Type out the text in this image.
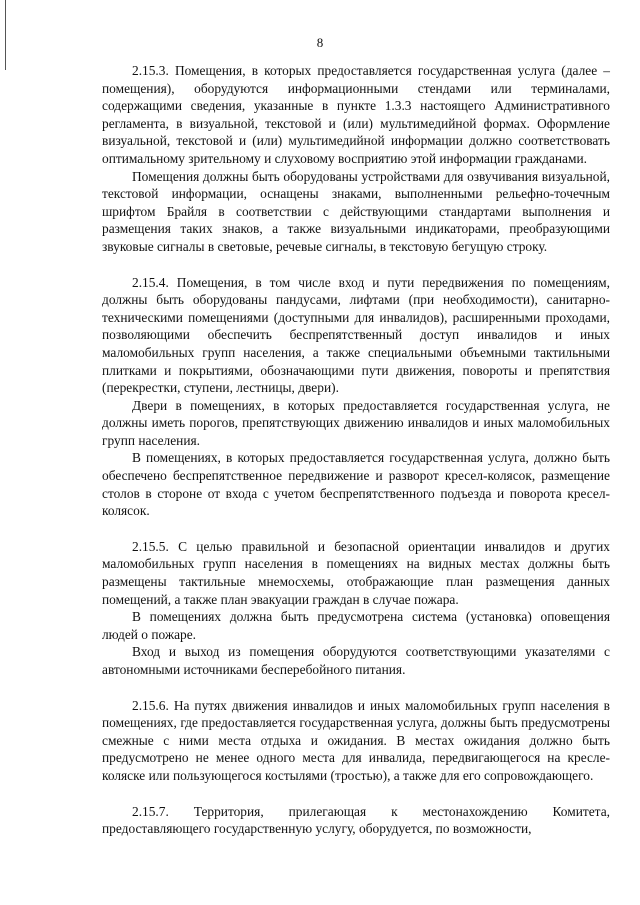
8

2.15.3. Помещения, в которых предоставляется государственная услуга (далее – помещения), оборудуются информационными стендами или терминалами, содержащими сведения, указанные в пункте 1.3.3 настоящего Административного регламента, в визуальной, текстовой и (или) мультимедийной формах. Оформление визуальной, текстовой и (или) мультимедийной информации должно соответствовать оптимальному зрительному и слуховому восприятию этой информации гражданами.

Помещения должны быть оборудованы устройствами для озвучивания визуальной, текстовой информации, оснащены знаками, выполненными рельефно-точечным шрифтом Брайля в соответствии с действующими стандартами выполнения и размещения таких знаков, а также визуальными индикаторами, преобразующими звуковые сигналы в световые, речевые сигналы, в текстовую бегущую строку.

2.15.4. Помещения, в том числе вход и пути передвижения по помещениям, должны быть оборудованы пандусами, лифтами (при необходимости), санитарно-техническими помещениями (доступными для инвалидов), расширенными проходами, позволяющими обеспечить беспрепятственный доступ инвалидов и иных маломобильных групп населения, а также специальными объемными тактильными плитками и покрытиями, обозначающими пути движения, повороты и препятствия (перекрестки, ступени, лестницы, двери).

Двери в помещениях, в которых предоставляется государственная услуга, не должны иметь порогов, препятствующих движению инвалидов и иных маломобильных групп населения.

В помещениях, в которых предоставляется государственная услуга, должно быть обеспечено беспрепятственное передвижение и разворот кресел-колясок, размещение столов в стороне от входа с учетом беспрепятственного подъезда и поворота кресел-колясок.

2.15.5. С целью правильной и безопасной ориентации инвалидов и других маломобильных групп населения в помещениях на видных местах должны быть размещены тактильные мнемосхемы, отображающие план размещения данных помещений, а также план эвакуации граждан в случае пожара.

В помещениях должна быть предусмотрена система (установка) оповещения людей о пожаре.

Вход и выход из помещения оборудуются соответствующими указателями с автономными источниками бесперебойного питания.

2.15.6. На путях движения инвалидов и иных маломобильных групп населения в помещениях, где предоставляется государственная услуга, должны быть предусмотрены смежные с ними места отдыха и ожидания. В местах ожидания должно быть предусмотрено не менее одного места для инвалида, передвигающегося на кресле-коляске или пользующегося костылями (тростью), а также для его сопровождающего.

2.15.7. Территория, прилегающая к местонахождению Комитета, предоставляющего государственную услугу, оборудуется, по возможности,
